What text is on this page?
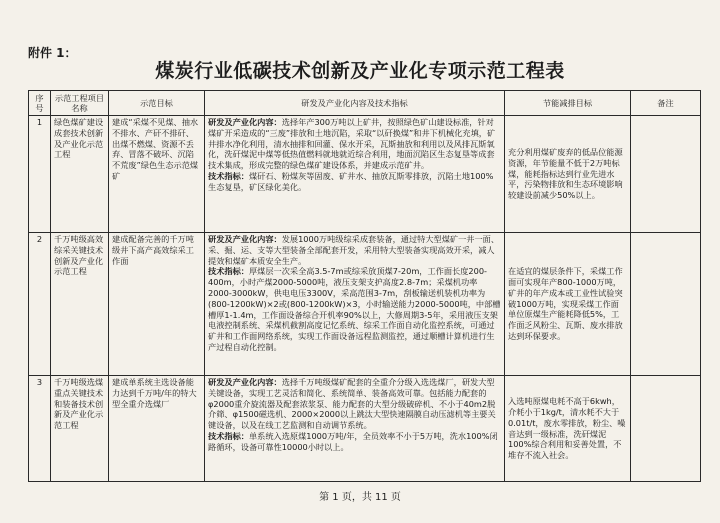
附件 1：
煤炭行业低碳技术创新及产业化专项示范工程表
序号	示范工程项目名称	示范目标	研发及产业化内容及技术指标	节能减排目标	备注
1	绿色煤矿建设成套技术创新及产业化示范工程	建成“采煤不见煤、抽水不排水、产矸不排矸、出煤不燃煤、资源不丢弃、冒落不破坏、沉陷不荒废”绿色生态示范煤矿	研发及产业化内容：选择年产300万吨以上矿井，按照绿色矿山建设标准，针对煤矿开采造成的“三废”排放和土地沉陷，采取“以矸换煤”和井下机械化充填，矿井排水净化利用，清水抽排和回灌、保水开采，瓦斯抽放和利用以及风排瓦斯氧化，洗矸煤泥中煤等低热值燃料就地就近综合利用，地面沉陷区生态复垦等成套技术集成，形成完整的绿色煤矿建设体系，并建成示范矿井。
技术指标：煤矸石、粉煤灰等固废、矿井水、抽放瓦斯零排放，沉陷土地100%生态复垦，矿区绿化美化。	充分利用煤矿废弃的低品位能源资源，年节能量不低于2万吨标煤，能耗指标达到行业先进水平，污染物排放和生态环境影响较建设前减少50%以上。	
2	千万吨级高效综采关键技术创新及产业化示范工程	建成配备完善的千万吨级井下高产高效综采工作面	研发及产业化内容：发展1000万吨级综采成套装备，通过特大型煤矿一井一面、采、掘、运、支等大型装备全部配套开发，采用特大型装备实现高效开采，减人提效和煤矿本质安全生产。
技术指标：厚煤层一次采全高3.5-7m或综采放顶煤7-20m，工作面长度200-400m，小时产煤2000-5000吨，液压支架支护高度2.8-7m；采煤机功率2000-3000kW，供电电压3300V，采高范围3-7m，刮板输送机装机功率为(800-1200kW)×2或(800-1200kW)×3，小时输送能力2000-5000吨，中部槽槽厚1-1.4m，工作面设备综合开机率90%以上，大修周期3-5年，采用液压支架电液控制系统、采煤机截割高度记忆系统、综采工作面自动化监控系统，可通过矿井和工作面网络系统，实现工作面设备远程监测监控，通过顺槽计算机进行生产过程自动化控制。	在适宜的煤层条件下，采煤工作面可实现年产800-1000万吨，矿井的年产成本或工业性试验突破1000万吨，实现采煤工作面单位原煤生产能耗降低5%，工作面乏风粉尘、瓦斯、废水排放达到环保要求。	
3	千万吨级选煤重点关键技术和装备技术创新及产业化示范工程	建成单系统主选设备能力达到千万吨/年的特大型全重介选煤厂	研发及产业化内容：选择千万吨级煤矿配套的全重介分级入选选煤厂，研发大型关键设备，实现工艺灵活和简化、系统简单、装备高效可靠。包括能力配套的φ2000重介旋流器及配套浓浆泵、能力配套的大型分级破碎机、不小于40m2脱介筛、φ1500磁选机、2000×2000以上跳汰大型快速隔膜自动压滤机等主要关键设备，以及在线工艺监测和自动调节系统。
技术指标：单系统入选原煤1000万吨/年，全员效率不小于5万吨，洗水100%闭路循环，设备可靠性10000小时以上。	入选吨原煤电耗不高于6kwh，介耗小于1kg/t，清水耗不大于0.01t/t，废水零排放，粉尘、噪音达到一级标准，洗矸煤泥100%综合利用和妥善处置，不堆存不流入社会。	
第 1 页，共 11 页
